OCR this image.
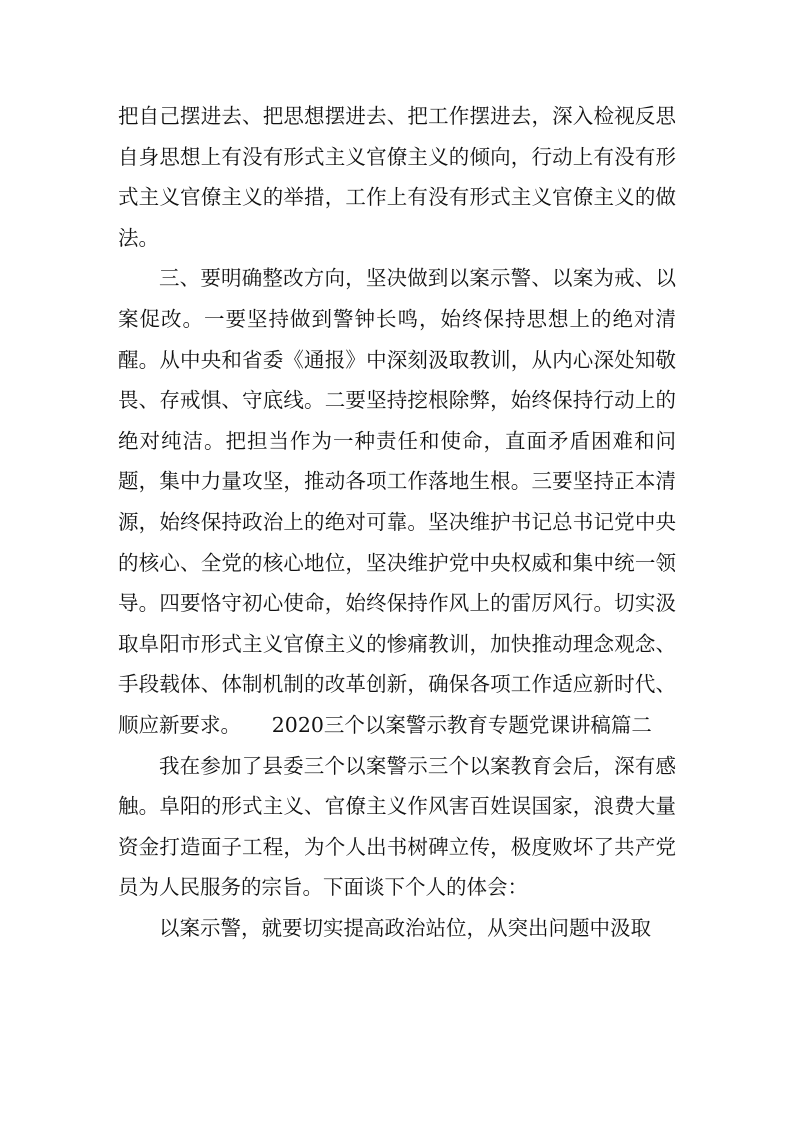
把自己摆进去、把思想摆进去、把工作摆进去，深入检视反思自身思想上有没有形式主义官僚主义的倾向，行动上有没有形式主义官僚主义的举措，工作上有没有形式主义官僚主义的做法。

三、要明确整改方向，坚决做到以案示警、以案为戒、以案促改。一要坚持做到警钟长鸣，始终保持思想上的绝对清醒。从中央和省委《通报》中深刻汲取教训，从内心深处知敬畏、存戒惧、守底线。二要坚持挖根除弊，始终保持行动上的绝对纯洁。把担当作为一种责任和使命，直面矛盾困难和问题，集中力量攻坚，推动各项工作落地生根。三要坚持正本清源，始终保持政治上的绝对可靠。坚决维护书记总书记党中央的核心、全党的核心地位，坚决维护党中央权威和集中统一领导。四要恪守初心使命，始终保持作风上的雷厉风行。切实汲取阜阳市形式主义官僚主义的惨痛教训，加快推动理念观念、手段载体、体制机制的改革创新，确保各项工作适应新时代、顺应新要求。　　2020三个以案警示教育专题党课讲稿篇二

我在参加了县委三个以案警示三个以案教育会后，深有感触。阜阳的形式主义、官僚主义作风害百姓误国家，浪费大量资金打造面子工程，为个人出书树碑立传，极度败坏了共产党员为人民服务的宗旨。下面谈下个人的体会：

以案示警，就要切实提高政治站位，从突出问题中汲取
